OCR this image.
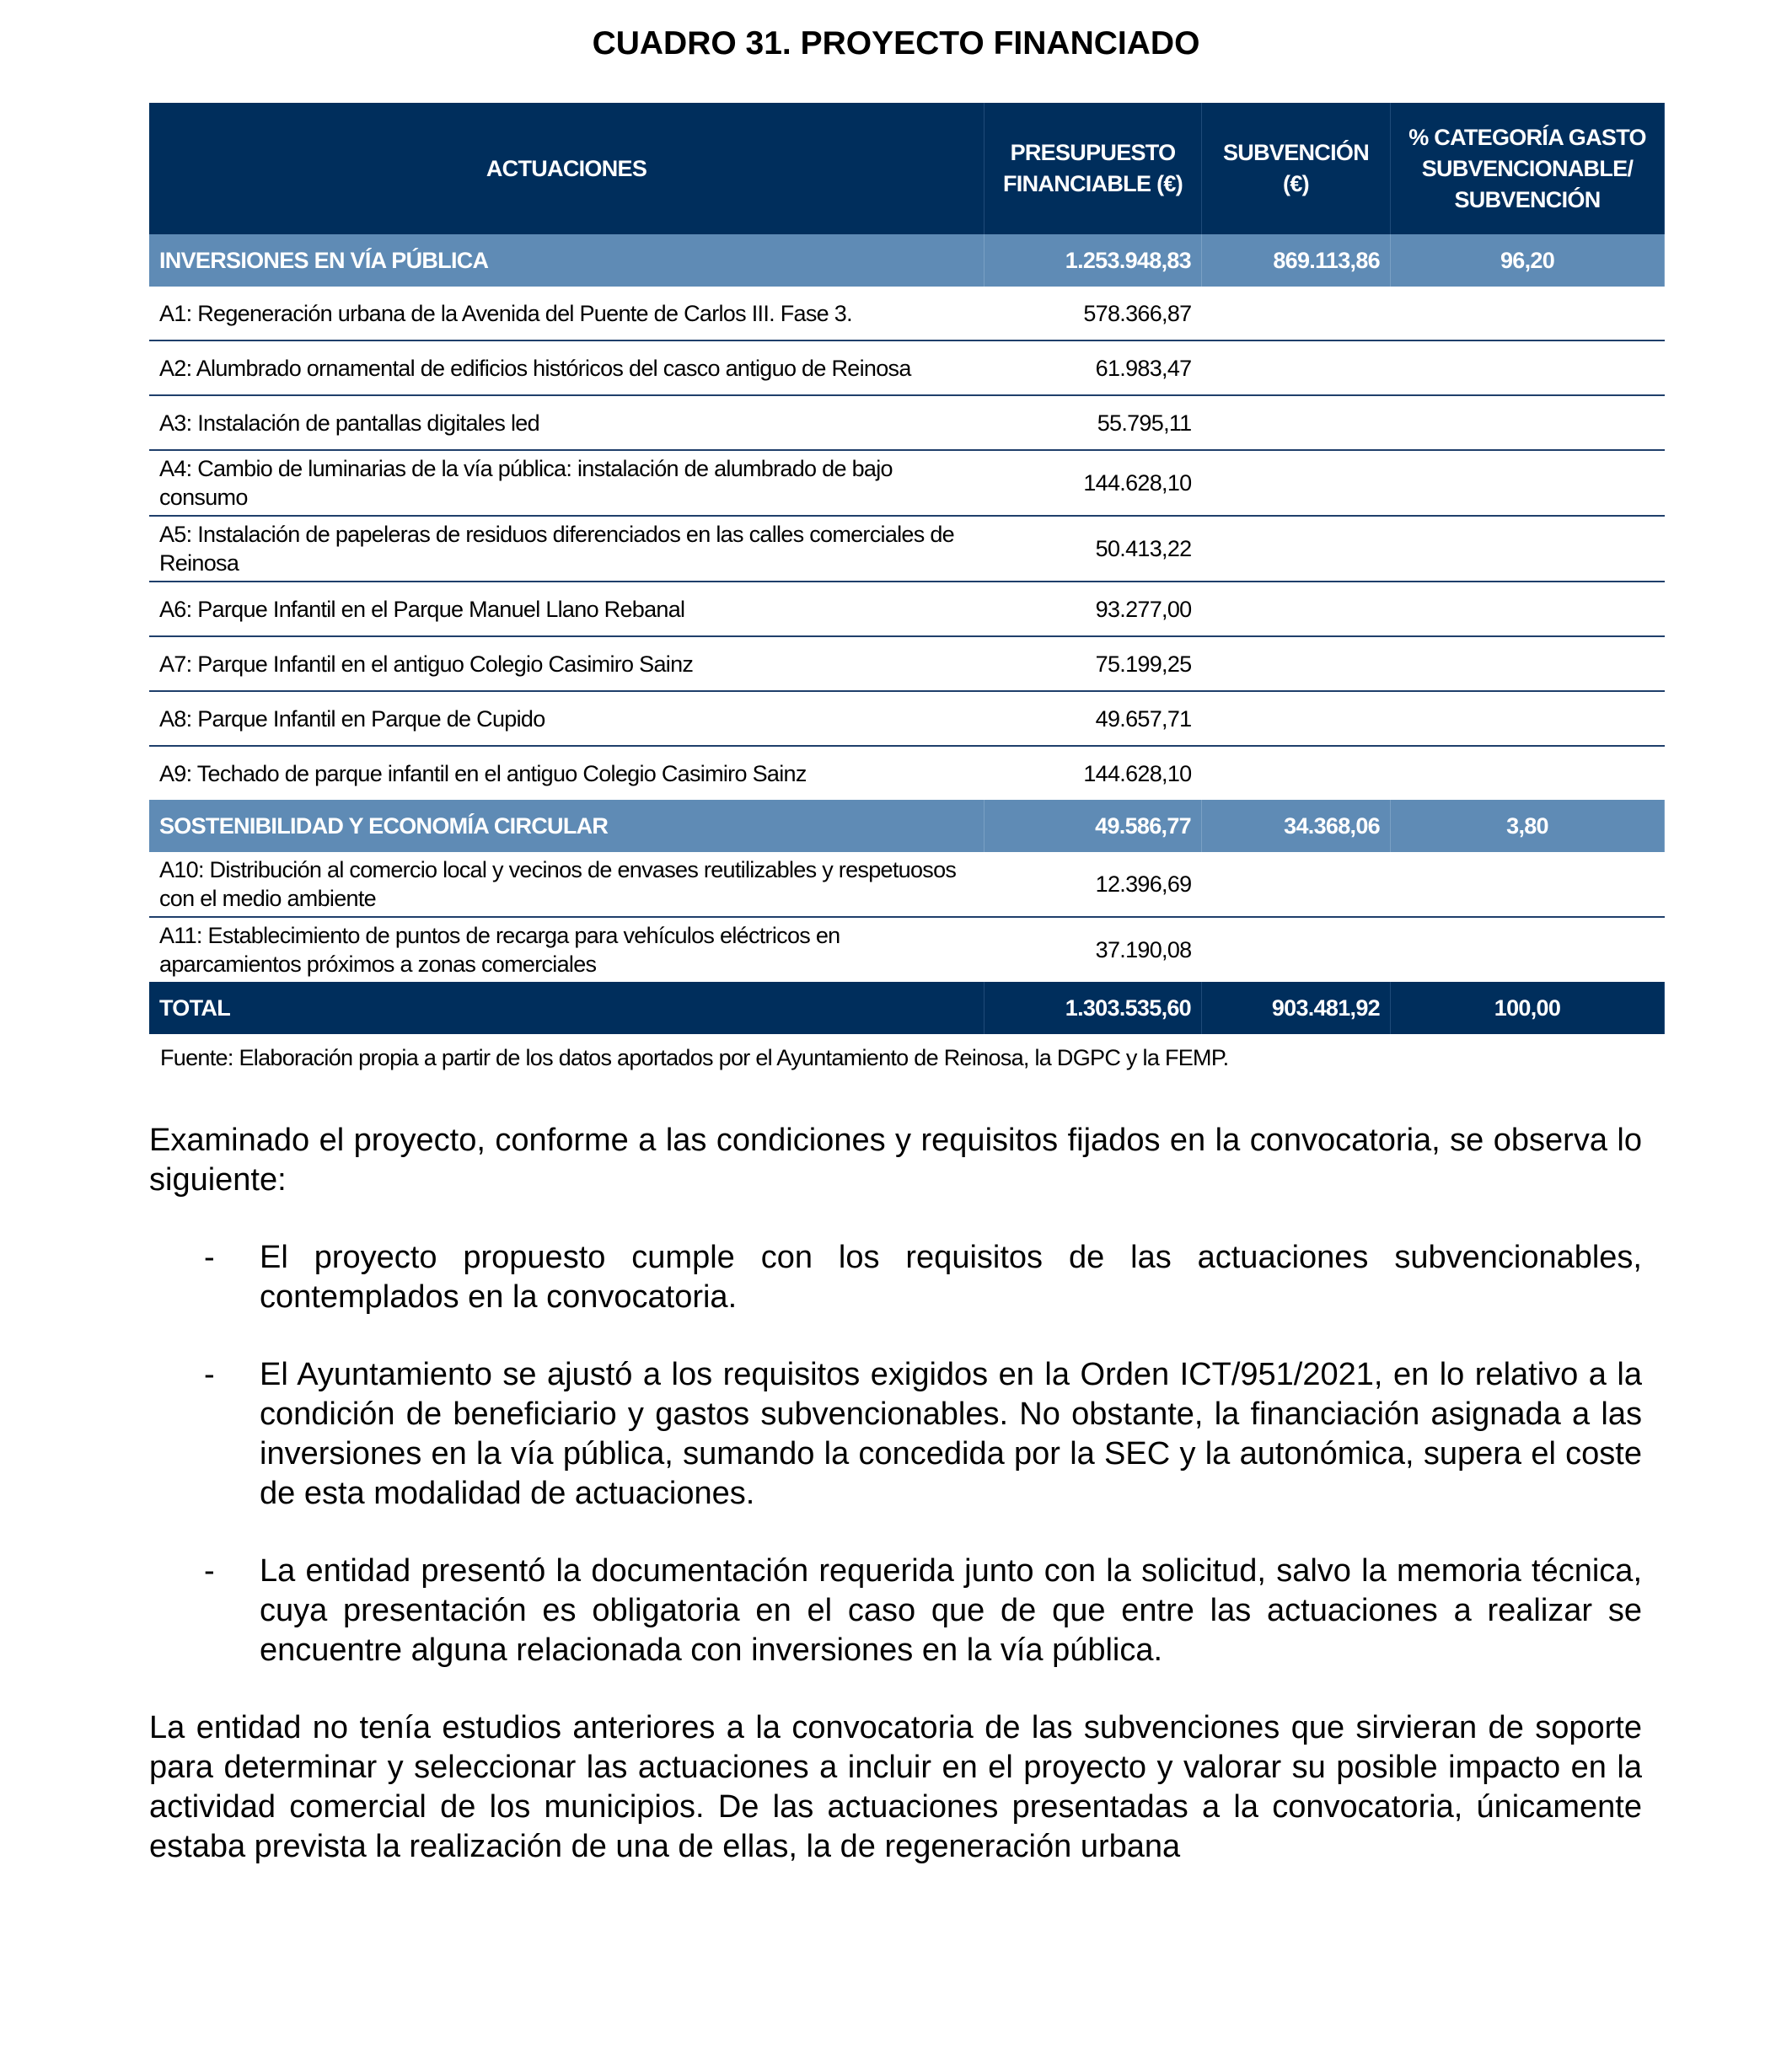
CUADRO 31. PROYECTO FINANCIADO
ACTUACIONES	PRESUPUESTO FINANCIABLE (€)	SUBVENCIÓN (€)	% CATEGORÍA GASTO SUBVENCIONABLE/ SUBVENCIÓN
INVERSIONES EN VÍA PÚBLICA	1.253.948,83	869.113,86	96,20
A1: Regeneración urbana de la Avenida del Puente de Carlos III. Fase 3.	578.366,87		
A2: Alumbrado ornamental de edificios históricos del casco antiguo de Reinosa	61.983,47		
A3: Instalación de pantallas digitales led	55.795,11		
A4: Cambio de luminarias de la vía pública: instalación de alumbrado de bajo consumo	144.628,10		
A5: Instalación de papeleras de residuos diferenciados en las calles comerciales de Reinosa	50.413,22		
A6: Parque Infantil en el Parque Manuel Llano Rebanal	93.277,00		
A7: Parque Infantil en el antiguo Colegio Casimiro Sainz	75.199,25		
A8: Parque Infantil en Parque de Cupido	49.657,71		
A9: Techado de parque infantil en el antiguo Colegio Casimiro Sainz	144.628,10		
SOSTENIBILIDAD Y ECONOMÍA CIRCULAR	49.586,77	34.368,06	3,80
A10: Distribución al comercio local y vecinos de envases reutilizables y respetuosos con el medio ambiente	12.396,69		
A11: Establecimiento de puntos de recarga para vehículos eléctricos en aparcamientos próximos a zonas comerciales	37.190,08		
TOTAL	1.303.535,60	903.481,92	100,00
Fuente: Elaboración propia a partir de los datos aportados por el Ayuntamiento de Reinosa, la DGPC y la FEMP.

Examinado el proyecto, conforme a las condiciones y requisitos fijados en la convocatoria, se observa lo siguiente:

-	El proyecto propuesto cumple con los requisitos de las actuaciones subvencionables, contemplados en la convocatoria.
-	El Ayuntamiento se ajustó a los requisitos exigidos en la Orden ICT/951/2021, en lo relativo a la condición de beneficiario y gastos subvencionables. No obstante, la financiación asignada a las inversiones en la vía pública, sumando la concedida por la SEC y la autonómica, supera el coste de esta modalidad de actuaciones.
-	La entidad presentó la documentación requerida junto con la solicitud, salvo la memoria técnica, cuya presentación es obligatoria en el caso que de que entre las actuaciones a realizar se encuentre alguna relacionada con inversiones en la vía pública.

La entidad no tenía estudios anteriores a la convocatoria de las subvenciones que sirvieran de soporte para determinar y seleccionar las actuaciones a incluir en el proyecto y valorar su posible impacto en la actividad comercial de los municipios. De las actuaciones presentadas a la convocatoria, únicamente estaba prevista la realización de una de ellas, la de regeneración urbana
